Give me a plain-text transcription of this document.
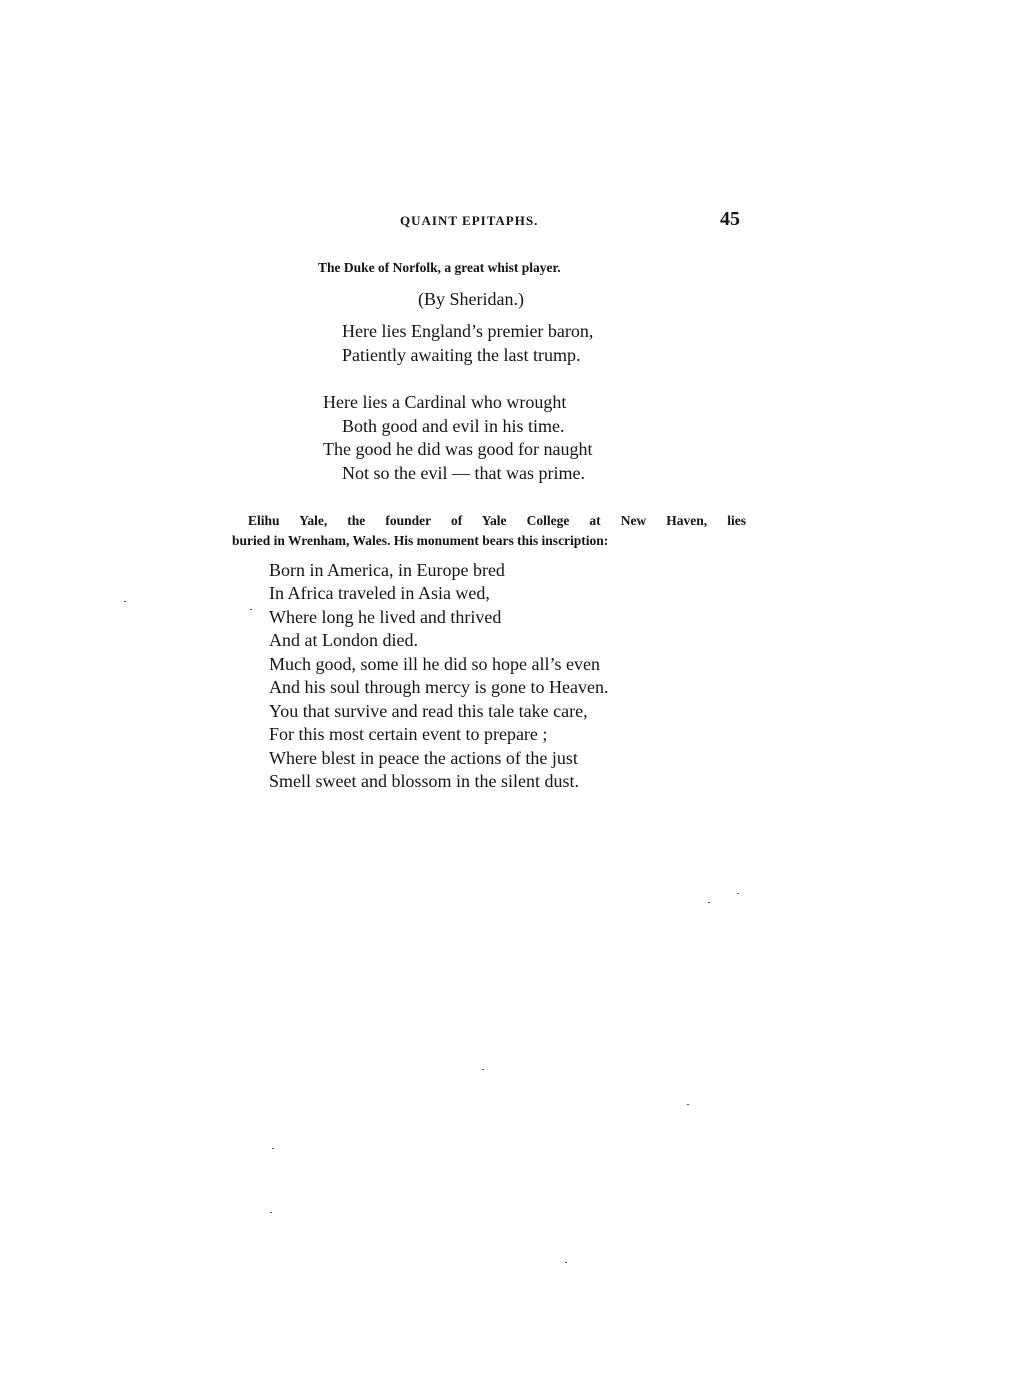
QUAINT EPITAPHS.	45
The Duke of Norfolk, a great whist player.
(By Sheridan.)
Here lies England’s premier baron,
Patiently awaiting the last trump.
Here lies a Cardinal who wrought
Both good and evil in his time.
The good he did was good for naught
Not so the evil — that was prime.
Elihu Yale, the founder of Yale College at New Haven, lies
buried in Wrenham, Wales. His monument bears this inscription:
Born in America, in Europe bred
In Africa traveled in Asia wed,
Where long he lived and thrived
And at London died.
Much good, some ill he did so hope all’s even
And his soul through mercy is gone to Heaven.
You that survive and read this tale take care,
For this most certain event to prepare ;
Where blest in peace the actions of the just
Smell sweet and blossom in the silent dust.
